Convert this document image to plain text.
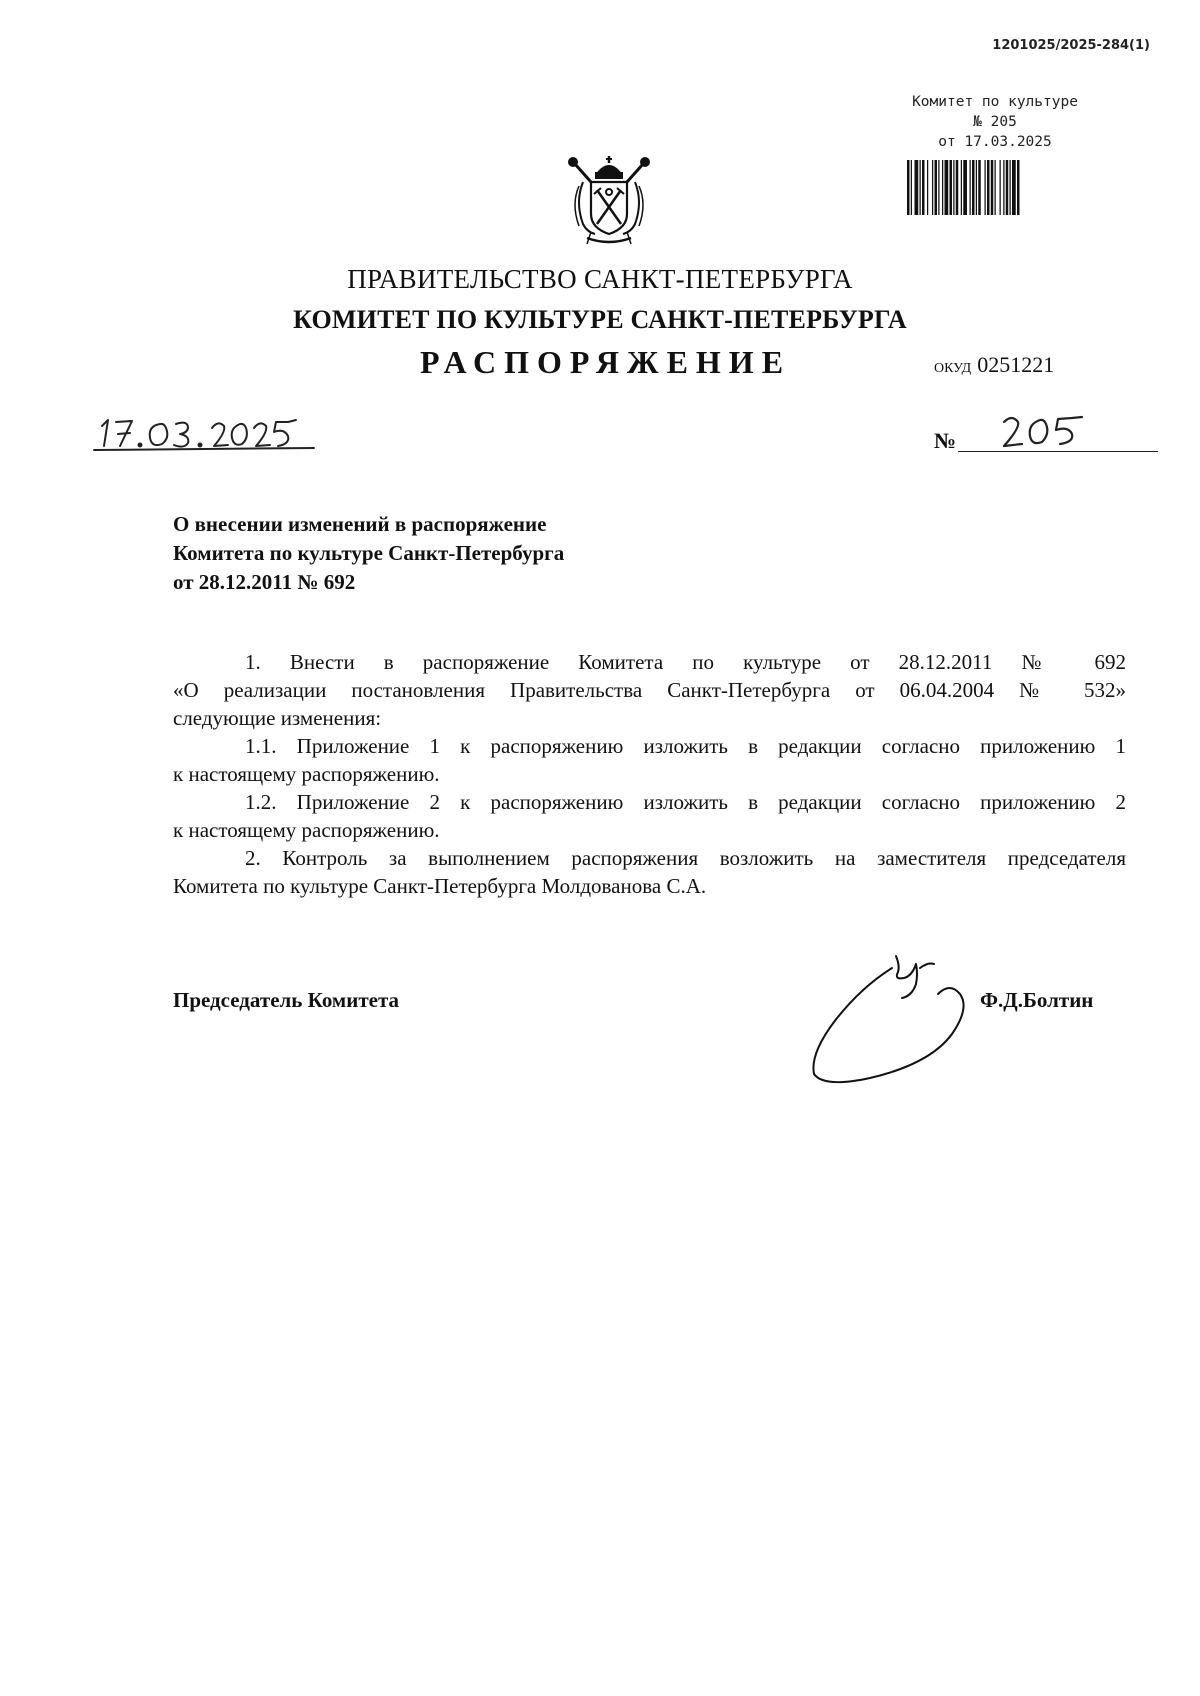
1201025/2025-284(1)
Комитет по культуре
№ 205
от 17.03.2025
ПРАВИТЕЛЬСТВО САНКТ-ПЕТЕРБУРГА
КОМИТЕТ ПО КУЛЬТУРЕ САНКТ-ПЕТЕРБУРГА
РАСПОРЯЖЕНИЕ	ОКУД 0251221
№
О внесении изменений в распоряжение
Комитета по культуре Санкт-Петербурга
от 28.12.2011 № 692

1. Внести в распоряжение Комитета по культуре от 28.12.2011 № 692

«О реализации постановления Правительства Санкт-Петербурга от 06.04.2004 № 532»

следующие изменения:

1.1. Приложение 1 к распоряжению изложить в редакции согласно приложению 1

к настоящему распоряжению.

1.2. Приложение 2 к распоряжению изложить в редакции согласно приложению 2

к настоящему распоряжению.

2. Контроль за выполнением распоряжения возложить на заместителя председателя

Комитета по культуре Санкт-Петербурга Молдованова С.А.

Председатель Комитета	Ф.Д.Болтин
